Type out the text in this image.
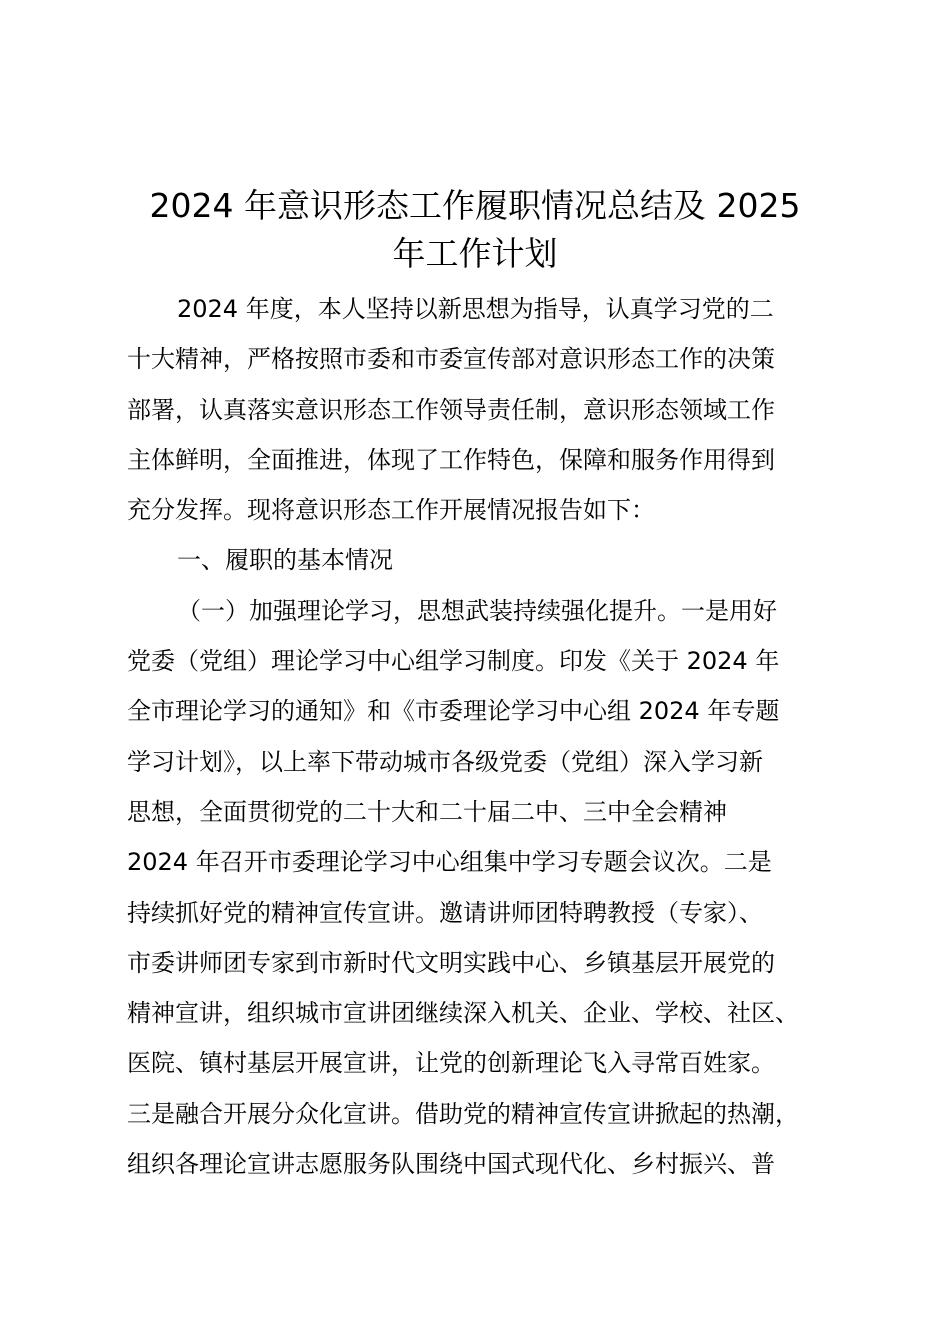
2024 年意识形态工作履职情况总结及 2025
年工作计划
2024 年度，本人坚持以新思想为指导，认真学习党的二
十大精神，严格按照市委和市委宣传部对意识形态工作的决策
部署，认真落实意识形态工作领导责任制，意识形态领域工作
主体鲜明，全面推进，体现了工作特色，保障和服务作用得到
充分发挥。现将意识形态工作开展情况报告如下：
一、履职的基本情况
（一）加强理论学习，思想武装持续强化提升。一是用好
党委（党组）理论学习中心组学习制度。印发《关于 2024 年
全市理论学习的通知》和《市委理论学习中心组 2024 年专题
学习计划》，以上率下带动城市各级党委（党组）深入学习新
思想，全面贯彻党的二十大和二十届二中、三中全会精神
2024 年召开市委理论学习中心组集中学习专题会议次。二是
持续抓好党的精神宣传宣讲。邀请讲师团特聘教授（专家）、
市委讲师团专家到市新时代文明实践中心、乡镇基层开展党的
精神宣讲，组织城市宣讲团继续深入机关、企业、学校、社区、
医院、镇村基层开展宣讲，让党的创新理论飞入寻常百姓家。
三是融合开展分众化宣讲。借助党的精神宣传宣讲掀起的热潮，
组织各理论宣讲志愿服务队围绕中国式现代化、乡村振兴、普
